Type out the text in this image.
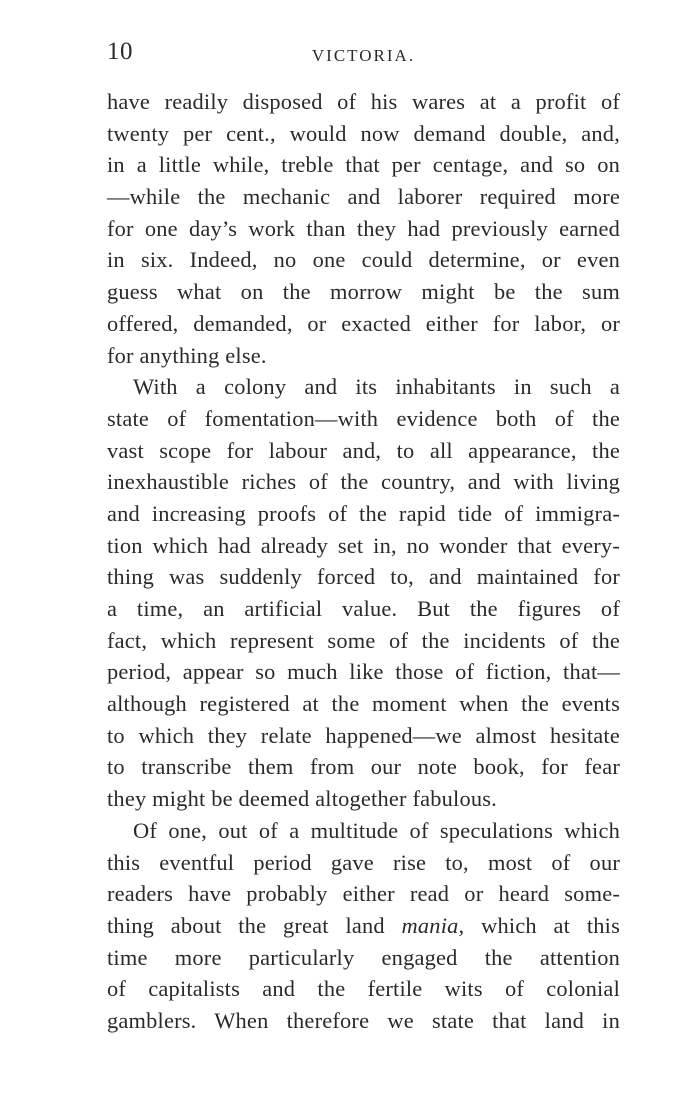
10	VICTORIA.
have readily disposed of his wares at a profit of
twenty per cent., would now demand double, and,
in a little while, treble that per centage, and so on
—while the mechanic and laborer required more
for one day’s work than they had previously earned
in six. Indeed, no one could determine, or even
guess what on the morrow might be the sum
offered, demanded, or exacted either for labor, or
for anything else.
With a colony and its inhabitants in such a
state of fomentation—with evidence both of the
vast scope for labour and, to all appearance, the
inexhaustible riches of the country, and with living
and increasing proofs of the rapid tide of immigra-
tion which had already set in, no wonder that every-
thing was suddenly forced to, and maintained for
a time, an artificial value. But the figures of
fact, which represent some of the incidents of the
period, appear so much like those of fiction, that—
although registered at the moment when the events
to which they relate happened—we almost hesitate
to transcribe them from our note book, for fear
they might be deemed altogether fabulous.
Of one, out of a multitude of speculations which
this eventful period gave rise to, most of our
readers have probably either read or heard some-
thing about the great land mania, which at this
time more particularly engaged the attention
of capitalists and the fertile wits of colonial
gamblers. When therefore we state that land in
